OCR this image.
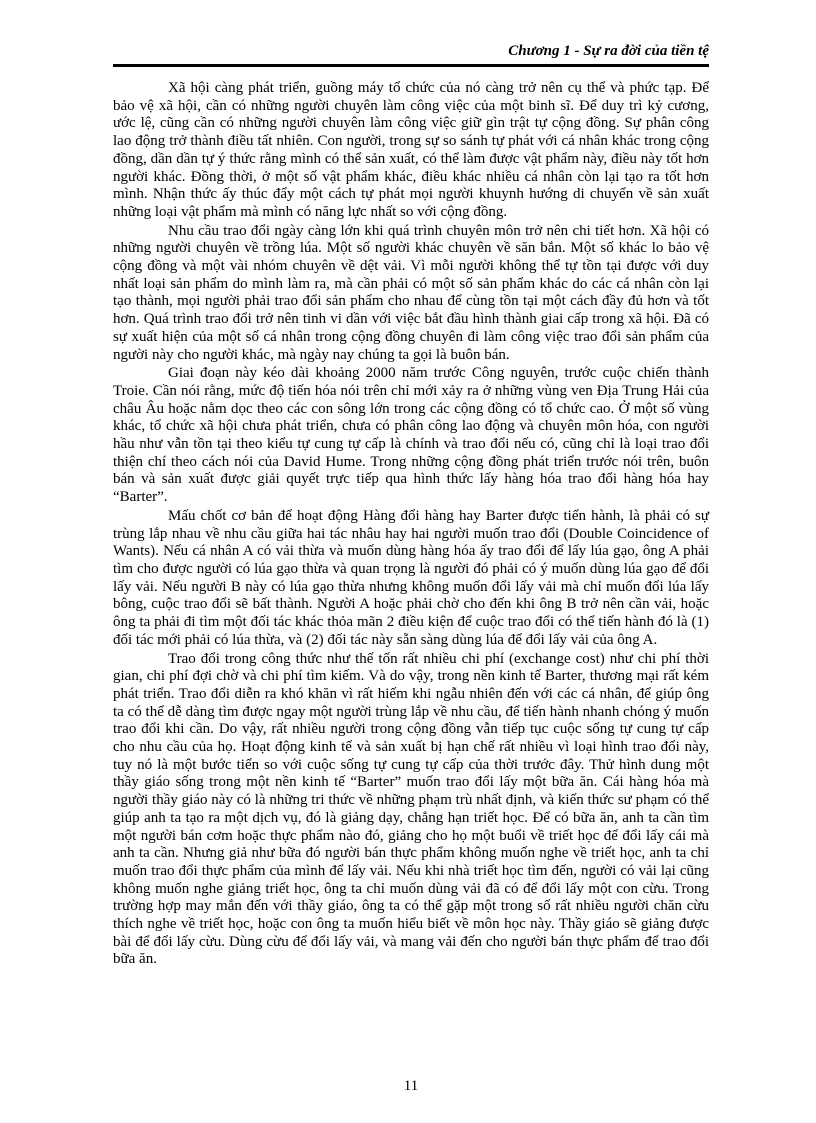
Chương 1 - Sự ra đời của tiền tệ

Xã hội càng phát triển, guồng máy tổ chức của nó càng trở nên cụ thể và phức tạp. Để bảo vệ xã hội, cần có những người chuyên làm công việc của một binh sĩ. Để duy trì kỷ cương, ước lệ, cũng cần có những người chuyên làm công việc giữ gìn trật tự cộng đồng. Sự phân công lao động trở thành điều tất nhiên. Con người, trong sự so sánh tự phát với cá nhân khác trong cộng đồng, dần dần tự ý thức rằng mình có thể sản xuất, có thể làm được vật phẩm này, điều này tốt hơn người khác. Đồng thời, ở một số vật phẩm khác, điều khác nhiều cá nhân còn lại tạo ra tốt hơn mình. Nhận thức ấy thúc đẩy một cách tự phát mọi người khuynh hướng di chuyển về sản xuất những loại vật phẩm mà mình có năng lực nhất so với cộng đồng.

Nhu cầu trao đổi ngày càng lớn khi quá trình chuyên môn trở nên chi tiết hơn. Xã hội có những người chuyên về trồng lúa. Một số người khác chuyên về săn bắn. Một số khác lo bảo vệ cộng đồng và một vài nhóm chuyên về dệt vải. Vì mỗi người không thể tự tồn tại được với duy nhất loại sản phẩm do mình làm ra, mà cần phải có một số sản phẩm khác do các cá nhân còn lại tạo thành, mọi người phải trao đổi sản phẩm cho nhau để cùng tồn tại một cách đầy đủ hơn và tốt hơn. Quá trình trao đổi trở nên tinh vi dần với việc bắt đầu hình thành giai cấp trong xã hội. Đã có sự xuất hiện của một số cá nhân trong cộng đồng chuyên đi làm công việc trao đổi sản phẩm của người này cho người khác, mà ngày nay chúng ta gọi là buôn bán.

Giai đoạn này kéo dài khoảng 2000 năm trước Công nguyên, trước cuộc chiến thành Troie. Cần nói rằng, mức độ tiến hóa nói trên chỉ mới xảy ra ở những vùng ven Địa Trung Hải của châu Âu hoặc nằm dọc theo các con sông lớn trong các cộng đồng có tổ chức cao. Ở một số vùng khác, tổ chức xã hội chưa phát triển, chưa có phân công lao động và chuyên môn hóa, con người hầu như vẫn tồn tại theo kiểu tự cung tự cấp là chính và trao đổi nếu có, cũng chỉ là loại trao đổi thiện chí theo cách nói của David Hume. Trong những cộng đồng phát triển trước nói trên, buôn bán và sản xuất được giải quyết trực tiếp qua hình thức lấy hàng hóa trao đổi hàng hóa hay “Barter”.

Mấu chốt cơ bản để hoạt động Hàng đổi hàng hay Barter được tiến hành, là phải có sự trùng lắp nhau về nhu cầu giữa hai tác nhâu hay hai người muốn trao đổi (Double Coincidence of Wants). Nếu cá nhân A có vải thừa và muốn dùng hàng hóa ấy trao đổi để lấy lúa gạo, ông A phải tìm cho được người có lúa gạo thừa và quan trọng là người đó phải có ý muốn dùng lúa gạo để đổi lấy vải. Nếu người B này có lúa gạo thừa nhưng không muốn đổi lấy vải mà chỉ muốn đổi lúa lấy bông, cuộc trao đổi sẽ bất thành. Người A hoặc phải chờ cho đến khi ông B trở nên cần vải, hoặc ông ta phải đi tìm một đối tác khác thỏa mãn 2 điều kiện để cuộc trao đổi có thể tiến hành đó là (1) đối tác mới phải có lúa thừa, và (2) đối tác này sẵn sàng dùng lúa để đổi lấy vải của ông A.

Trao đổi trong công thức như thế tốn rất nhiều chi phí (exchange cost) như chi phí thời gian, chi phí đợi chờ và chi phí tìm kiếm. Và do vậy, trong nền kinh tế Barter, thương mại rất kém phát triển. Trao đổi diễn ra khó khăn vì rất hiếm khi ngẫu nhiên đến với các cá nhân, để giúp ông ta có thể dễ dàng tìm được ngay một người trùng lắp về nhu cầu, để tiến hành nhanh chóng ý muốn trao đổi khi cần. Do vậy, rất nhiều người trong cộng đồng vẫn tiếp tục cuộc sống tự cung tự cấp cho nhu cầu của họ. Hoạt động kinh tế và sản xuất bị hạn chế rất nhiều vì loại hình trao đổi này, tuy nó là một bước tiến so với cuộc sống tự cung tự cấp của thời trước đây. Thử hình dung một thầy giáo sống trong một nền kinh tế “Barter” muốn trao đổi lấy một bữa ăn. Cái hàng hóa mà người thầy giáo này có là những tri thức về những phạm trù nhất định, và kiến thức sư phạm có thể giúp anh ta tạo ra một dịch vụ, đó là giảng dạy, chẳng hạn triết học. Để có bữa ăn, anh ta cần tìm một người bán cơm hoặc thực phẩm nào đó, giảng cho họ một buổi về triết học để đổi lấy cái mà anh ta cần. Nhưng giả như bữa đó người bán thực phẩm không muốn nghe về triết học, anh ta chỉ muốn trao đổi thực phẩm của mình để lấy vải. Nếu khi nhà triết học tìm đến, người có vải lại cũng không muốn nghe giảng triết học, ông ta chỉ muốn dùng vải đã có để đổi lấy một con cừu. Trong trường hợp may mắn đến với thầy giáo, ông ta có thể gặp một trong số rất nhiều người chăn cừu thích nghe về triết học, hoặc con ông ta muốn hiểu biết về môn học này. Thầy giáo sẽ giảng được bài để đổi lấy cừu. Dùng cừu để đổi lấy vải, và mang vải đến cho người bán thực phẩm để trao đổi bữa ăn.

11
